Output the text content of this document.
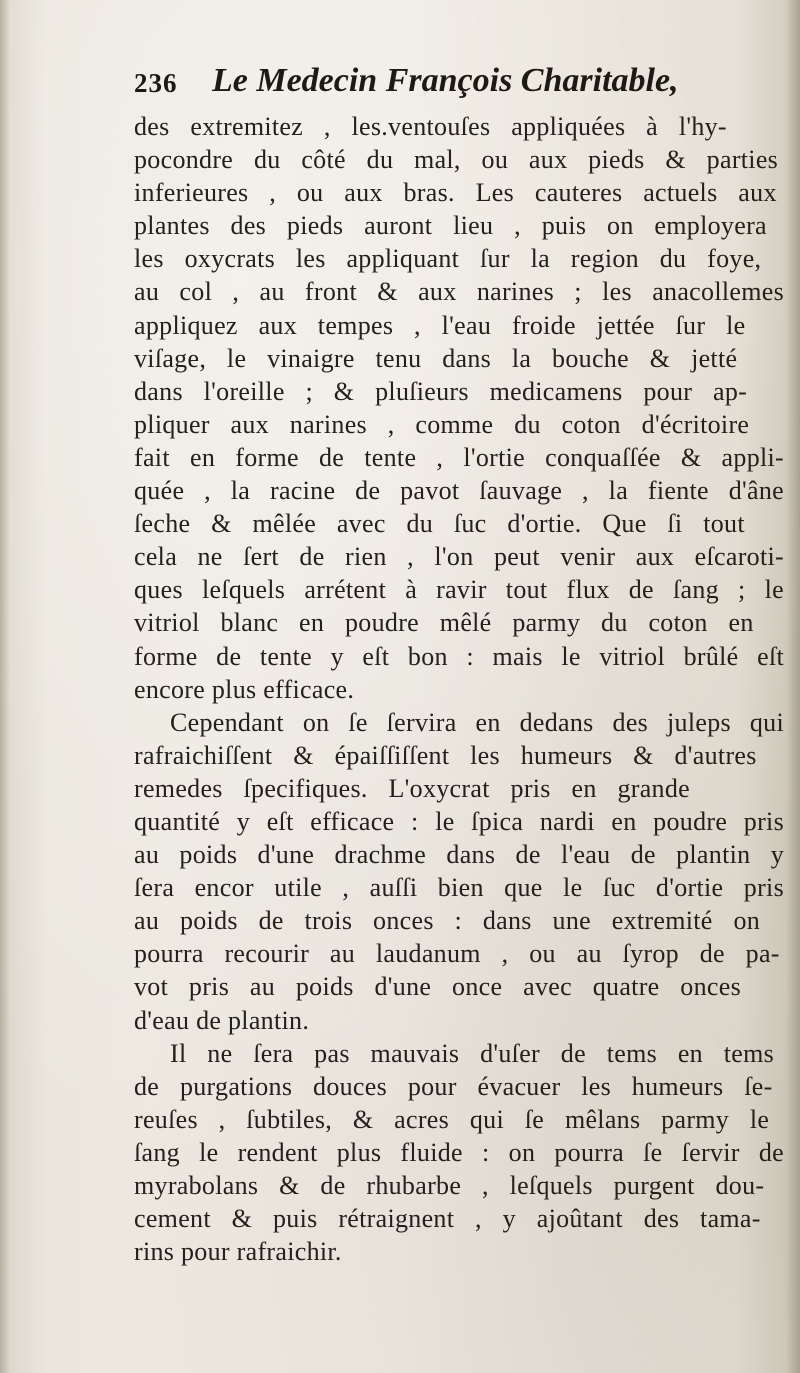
236 Le Medecin François Charitable,
des extremitez , les.ventouſes appliquées à l'hy-
pocondre du côté du mal, ou aux pieds & parties
inferieures , ou aux bras. Les cauteres actuels aux
plantes des pieds auront lieu , puis on employera
les oxycrats les appliquant ſur la region du foye,
au col , au front & aux narines ; les anacollemes
appliquez aux tempes , l'eau froide jettée ſur le
viſage, le vinaigre tenu dans la bouche & jetté
dans l'oreille ; & pluſieurs medicamens pour ap-
pliquer aux narines , comme du coton d'écritoire
fait en forme de tente , l'ortie conquaſſée & appli-
quée , la racine de pavot ſauvage , la fiente d'âne
ſeche & mêlée avec du ſuc d'ortie. Que ſi tout
cela ne ſert de rien , l'on peut venir aux eſcaroti-
ques leſquels arrétent à ravir tout flux de ſang ; le
vitriol blanc en poudre mêlé parmy du coton en
forme de tente y eſt bon : mais le vitriol brûlé eſt
encore plus efficace.
Cependant on ſe ſervira en dedans des juleps qui
rafraichiſſent & épaiſſiſſent les humeurs & d'autres
remedes ſpecifiques. L'oxycrat pris en grande
quantité y eſt efficace : le ſpica nardi en poudre pris
au poids d'une drachme dans de l'eau de plantin y
ſera encor utile , auſſi bien que le ſuc d'ortie pris
au poids de trois onces : dans une extremité on
pourra recourir au laudanum , ou au ſyrop de pa-
vot pris au poids d'une once avec quatre onces
d'eau de plantin.
Il ne ſera pas mauvais d'uſer de tems en tems
de purgations douces pour évacuer les humeurs ſe-
reuſes , ſubtiles, & acres qui ſe mêlans parmy le
ſang le rendent plus fluide : on pourra ſe ſervir de
myrabolans & de rhubarbe , leſquels purgent dou-
cement & puis rétraignent , y ajoûtant des tama-
rins pour rafraichir.
